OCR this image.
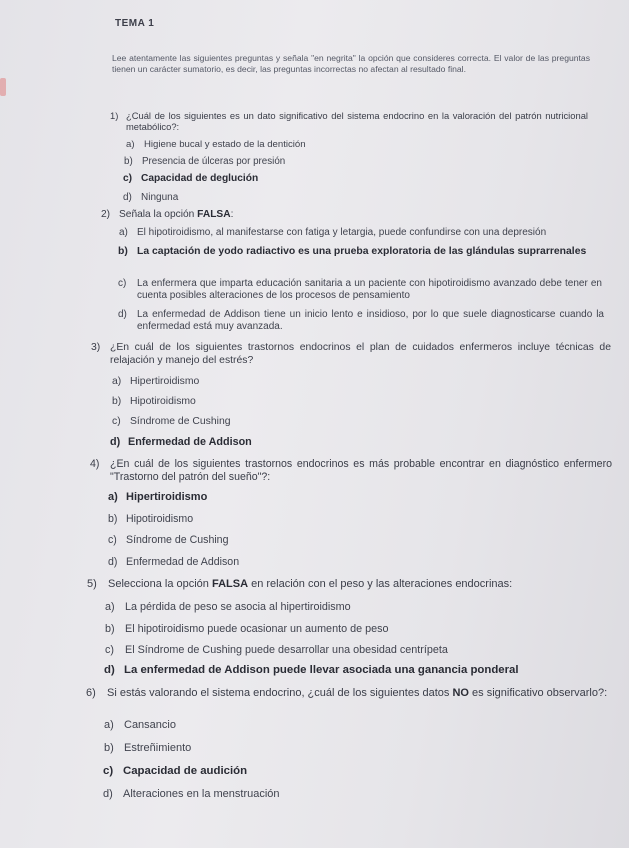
TEMA 1
Lee atentamente las siguientes preguntas y señala "en negrita" la opción que consideres correcta. El valor de las preguntas tienen un carácter sumatorio, es decir, las preguntas incorrectas no afectan al resultado final.
1) ¿Cuál de los siguientes es un dato significativo del sistema endocrino en la valoración del patrón nutricional metabólico?:
a) Higiene bucal y estado de la dentición
b) Presencia de úlceras por presión
c) Capacidad de deglución
d) Ninguna
2) Señala la opción FALSA:
a) El hipotiroidismo, al manifestarse con fatiga y letargia, puede confundirse con una depresión
b) La captación de yodo radiactivo es una prueba exploratoria de las glándulas suprarrenales
c)	La enfermera que imparta educación sanitaria a un paciente con hipotiroidismo avanzado debe tener en cuenta posibles alteraciones de los procesos de pensamiento
d)	La enfermedad de Addison tiene un inicio lento e insidioso, por lo que suele diagnosticarse cuando la enfermedad está muy avanzada.
3) ¿En cuál de los siguientes trastornos endocrinos el plan de cuidados enfermeros incluye técnicas de relajación y manejo del estrés?
a) Hipertiroidismo
b) Hipotiroidismo
c) Síndrome de Cushing
d) Enfermedad de Addison
4) ¿En cuál de los siguientes trastornos endocrinos es más probable encontrar en diagnóstico enfermero "Trastorno del patrón del sueño"?:
a) Hipertiroidismo
b) Hipotiroidismo
c) Síndrome de Cushing
d) Enfermedad de Addison
5) Selecciona la opción FALSA en relación con el peso y las alteraciones endocrinas:
a) La pérdida de peso se asocia al hipertiroidismo
b) El hipotiroidismo puede ocasionar un aumento de peso
c) El Síndrome de Cushing puede desarrollar una obesidad centrípeta
d) La enfermedad de Addison puede llevar asociada una ganancia ponderal
6)	Si estás valorando el sistema endocrino, ¿cuál de los siguientes datos NO es significativo observarlo?:
a) Cansancio
b) Estreñimiento
c) Capacidad de audición
d) Alteraciones en la menstruación
